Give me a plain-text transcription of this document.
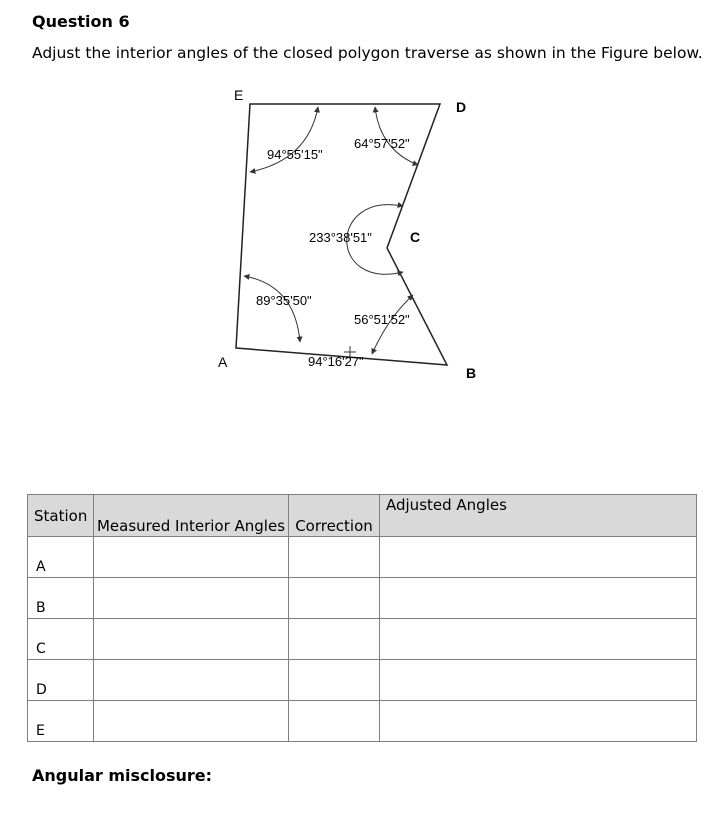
Question 6

Adjust the interior angles of the closed polygon traverse as shown in the Figure below.

E
D
C
A
B
94°55'15"
64°57'52"
233°38'51"
89°35'50"
56°51'52"
94°16'27"
Station	Measured Interior Angles	Correction	Adjusted Angles
A			
B			
C			
D			
E			

Angular misclosure:
